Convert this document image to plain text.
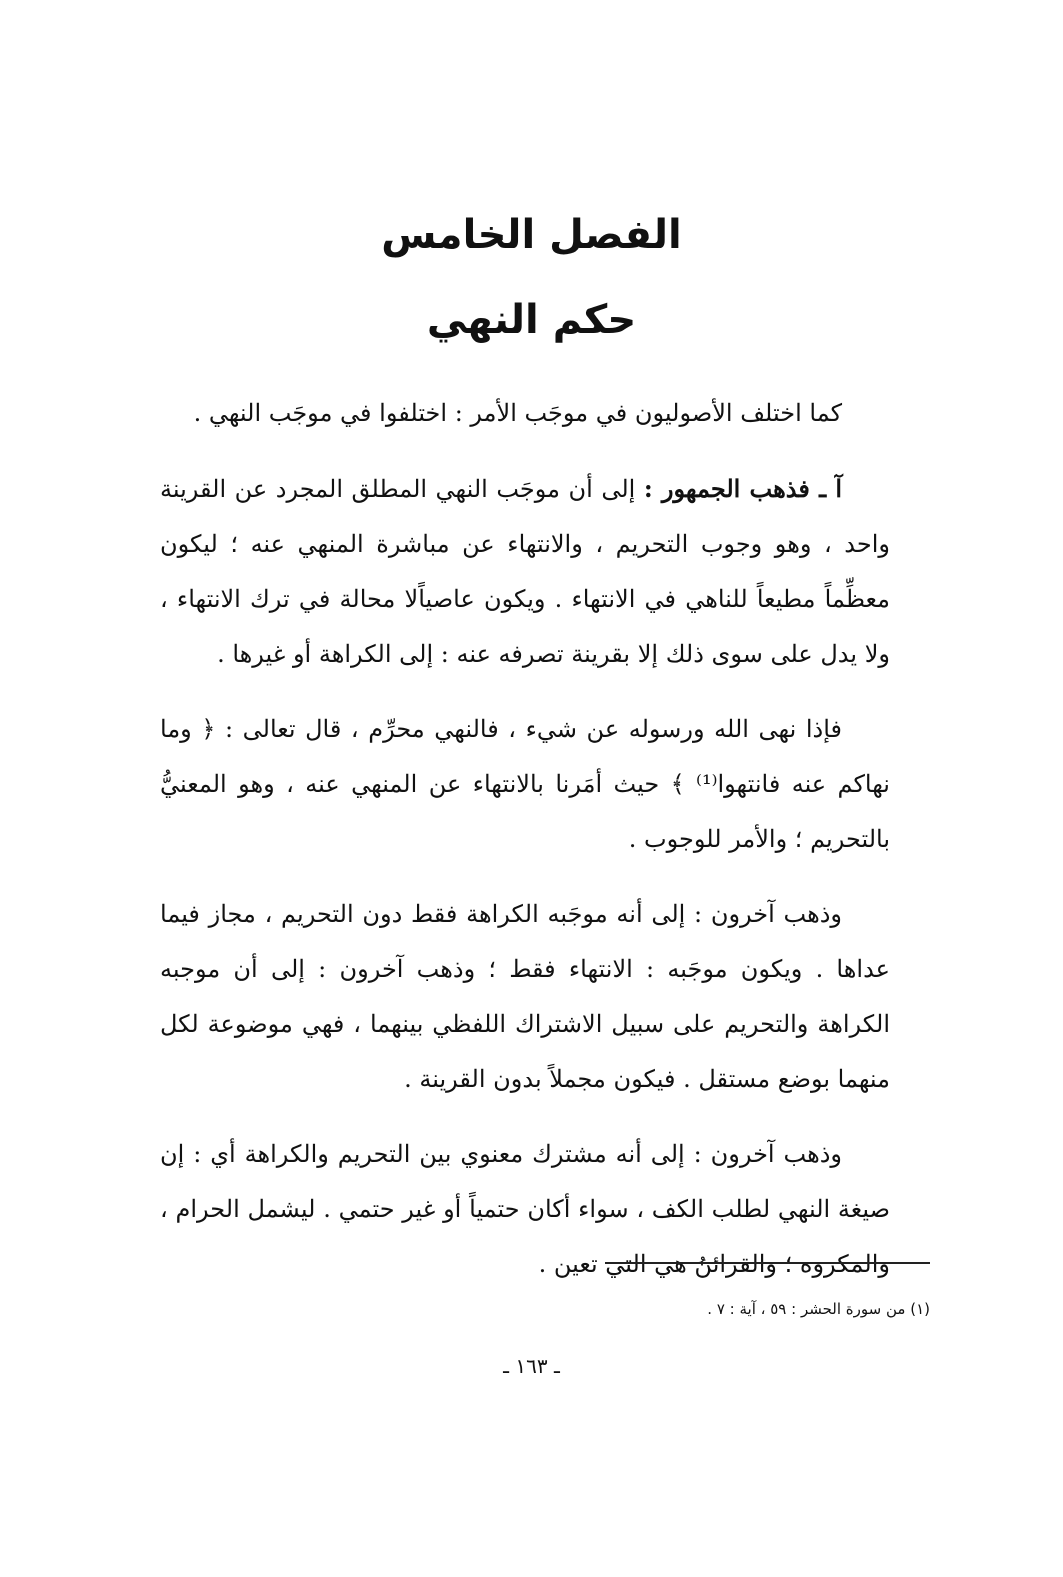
الفصل الخامس
حكم النهي

كما اختلف الأصوليون في موجَب الأمر : اختلفوا في موجَب النهي .

آ ـ فذهب الجمهور : إلى أن موجَب النهي المطلق المجرد عن القرينة واحد ، وهو وجوب التحريم ، والانتهاء عن مباشرة المنهي عنه ؛ ليكون معظِّماً مطيعاً للناهي في الانتهاء . ويكون عاصياًلا محالة في ترك الانتهاء ، ولا يدل على سوى ذلك إلا بقرينة تصرفه عنه : إلى الكراهة أو غيرها .

فإذا نهى الله ورسوله عن شيء ، فالنهي محرِّم ، قال تعالى : ﴿ وما نهاكم عنه فانتهوا⁽¹⁾ ﴾ حيث أمَرنا بالانتهاء عن المنهي عنه ، وهو المعنيُّ بالتحريم ؛ والأمر للوجوب .

وذهب آخرون : إلى أنه موجَبه الكراهة فقط دون التحريم ، مجاز فيما عداها . ويكون موجَبه : الانتهاء فقط ؛ وذهب آخرون : إلى أن موجبه الكراهة والتحريم على سبيل الاشتراك اللفظي بينهما ، فهي موضوعة لكل منهما بوضع مستقل . فيكون مجملاً بدون القرينة .

وذهب آخرون : إلى أنه مشترك معنوي بين التحريم والكراهة أي : إن صيغة النهي لطلب الكف ، سواء أكان حتمياً أو غير حتمي . ليشمل الحرام ، والمكروه ؛ والقرائنُ هي التي تعين .

(١) من سورة الحشر : ٥٩ ، آية : ٧ .
ـ ١٦٣ ـ
